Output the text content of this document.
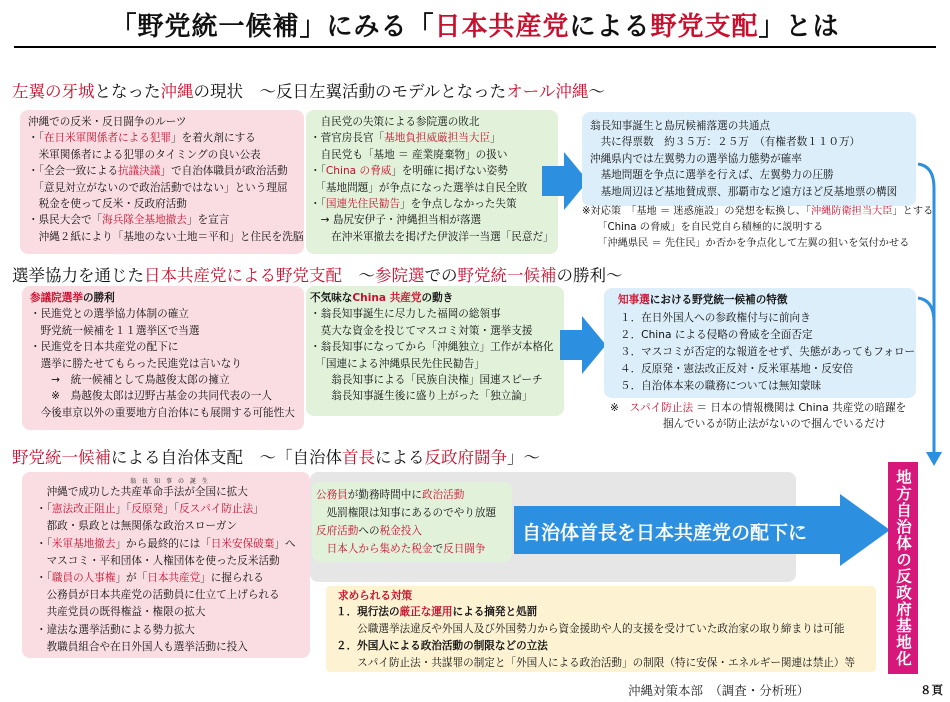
「野党統一候補」にみる「日本共産党による野党支配」とは
左翼の牙城となった沖縄の現状　～反日左翼活動のモデルとなったオール沖縄～
沖縄での反米・反日闘争のルーツ
・「在日米軍関係者による犯罪」を着火剤にする
　米軍関係者による犯罪のタイミングの良い公表
・「全会一致による抗議決議」で自治体職員が政治活動
　「意見対立がないので政治活動ではない」という理屈
　税金を使って反米・反政府活動
・県民大会で「海兵隊全基地撤去」を宣言
　沖縄２紙により「基地のない土地＝平和」と住民を洗脳
　自民党の失策による参院選の敗北
・菅官房長官「基地負担威厳担当大臣」
　自民党も「基地 ＝ 産業廃棄物」の扱い
・「China の脅威」を明確に掲げない姿勢
　「基地問題」が争点になった選挙は自民全敗
・「国連先住民勧告」を争点しなかった失策
　→ 島尻安伊子・沖縄担当相が落選
　　在沖米軍撤去を掲げた伊波洋一当選「民意だ」
翁長知事誕生と島尻候補落選の共通点
　共に得票数　約３５万：２５万　（有権者数１１０万）
沖縄県内では左翼勢力の選挙協力態勢が確率
　基地問題を争点に選挙を行えば、左翼勢力の圧勝
　基地周辺ほど基地賛成票、那覇市など遠方ほど反基地票の構図
※対応策　「基地 ＝ 迷惑施設」の発想を転換し、「沖縄防衛担当大臣」とする
　　「China の脅威」を自民党自ら積極的に説明する
　　「沖縄県民 ＝ 先住民」か否かを争点化して左翼の狙いを気付かせる
選挙協力を通じた日本共産党による野党支配　～参院選での野党統一候補の勝利～
参議院選挙の勝利
・民進党との選挙協力体制の確立
　野党統一候補を１１選挙区で当選
・民進党を日本共産党の配下に
　選挙に勝たせてもらった民進党は言いなり
　　→　統一候補として鳥越俊太郎の擁立
　　※　鳥越俊太郎は辺野古基金の共同代表の一人
　今後車京以外の重要地方自治体にも展開する可能性大
不気味なChina 共産党の動き
・翁長知事誕生に尽力した福岡の総領事
　莫大な資金を投じてマスコミ対策・選挙支援
・翁長知事になってから「沖縄独立」工作が本格化
　「国連による沖縄県民先住民勧告」
　　翁長知事による「民族自決権」国連スピーチ
　　翁長知事誕生後に盛り上がった「独立論」
知事選における野党統一候補の特徴
１．在日外国人への参政権付与に前向き
２．China による侵略の脅威を全面否定
３．マスコミが否定的な報道をせず、失態があってもフォロー
４．反原発・憲法改正反対・反米軍基地・反安倍
５．自治体本来の職務については無知蒙昧
※　スパイ防止法 ＝ 日本の情報機関は China 共産党の暗躍を
　　　　　掴んでいるが防止法がないので掴んでいるだけ
野党統一候補による自治体支配　～「自治体首長による反政府闘争」～
翁　長　知　事　の　誕　生
　沖縄で成功した共産革命手法が全国に拡大
・「憲法改正阻止」「反原発」「反スパイ防止法」
　都政・県政とは無関係な政治スローガン
・「米軍基地撤去」から最終的には「日米安保破棄」へ
　マスコミ・平和団体・人権団体を使った反米活動
・「職員の人事権」が「日本共産党」に握られる
　公務員が日本共産党の活動員に仕立て上げられる
　共産党員の既得権益・権限の拡大
・違法な選挙活動による勢力拡大
　教職員組合や在日外国人も選挙活動に投入
公務員が勤務時間中に政治活動
　処罰権限は知事にあるのでやり放題
反府活動への税金投入
　日本人から集めた税金で反日闘争
自治体首長を日本共産党の配下に
求められる対策
１．現行法の厳正な運用による摘発と処罰
　　公職選挙法違反や外国人及び外国勢力から資金援助や人的支援を受けていた政治家の取り締まりは可能
２．外国人による政治活動の制限などの立法
　　スパイ防止法・共謀罪の制定と「外国人による政治活動」の制限（特に安保・エネルギー関連は禁止）等	地方自治体の反政府基地化
沖縄対策本部　（調査・分析班）	８頁
